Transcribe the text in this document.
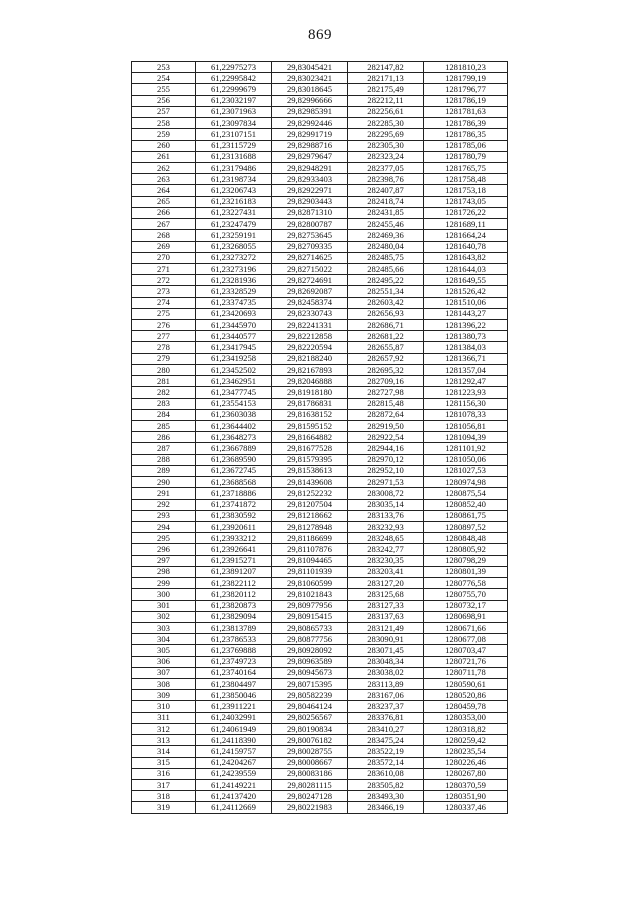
869
253	61,22975273	29,83045421	282147,82	1281810,23
254	61,22995842	29,83023421	282171,13	1281799,19
255	61,22999679	29,83018645	282175,49	1281796,77
256	61,23032197	29,82996666	282212,11	1281786,19
257	61,23071963	29,82985391	282256,61	1281781,63
258	61,23097834	29,82992446	282285,30	1281786,39
259	61,23107151	29,82991719	282295,69	1281786,35
260	61,23115729	29,82988716	282305,30	1281785,06
261	61,23131688	29,82979647	282323,24	1281780,79
262	61,23179486	29,82948291	282377,05	1281765,75
263	61,23198734	29,82933403	282398,76	1281758,48
264	61,23206743	29,82922971	282407,87	1281753,18
265	61,23216183	29,82903443	282418,74	1281743,05
266	61,23227431	29,82871310	282431,85	1281726,22
267	61,23247479	29,82800787	282455,46	1281689,11
268	61,23259191	29,82753645	282469,36	1281664,24
269	61,23268055	29,82709335	282480,04	1281640,78
270	61,23273272	29,82714625	282485,75	1281643,82
271	61,23273196	29,82715022	282485,66	1281644,03
272	61,23281936	29,82724691	282495,22	1281649,55
273	61,23328529	29,82692087	282551,34	1281526,42
274	61,23374735	29,82458374	282603,42	1281510,06
275	61,23420693	29,82330743	282656,93	1281443,27
276	61,23445970	29,82241331	282686,71	1281396,22
277	61,23440577	29,82212858	282681,22	1281380,73
278	61,23417945	29,82220594	282655,87	1281384,03
279	61,23419258	29,82188240	282657,92	1281366,71
280	61,23452502	29,82167893	282695,32	1281357,04
281	61,23462951	29,82046888	282709,16	1281292,47
282	61,23477745	29,81918180	282727,98	1281223,93
283	61,23554153	29,81786831	282815,48	1281156,30
284	61,23603038	29,81638152	282872,64	1281078,33
285	61,23644402	29,81595152	282919,50	1281056,81
286	61,23648273	29,81664882	282922,54	1281094,39
287	61,23667889	29,81677528	282944,16	1281101,92
288	61,23689590	29,81579395	282970,12	1281050,06
289	61,23672745	29,81538613	282952,10	1281027,53
290	61,23688568	29,81439608	282971,53	1280974,98
291	61,23718886	29,81252232	283008,72	1280875,54
292	61,23741872	29,81207504	283035,14	1280852,40
293	61,23830592	29,81218662	283133,76	1280861,75
294	61,23920611	29,81278948	283232,93	1280897,52
295	61,23933212	29,81186699	283248,65	1280848,48
296	61,23926641	29,81107876	283242,77	1280805,92
297	61,23915271	29,81094465	283230,35	1280798,29
298	61,23891207	29,81101939	283203,41	1280801,39
299	61,23822112	29,81060599	283127,20	1280776,58
300	61,23820112	29,81021843	283125,68	1280755,70
301	61,23820873	29,80977956	283127,33	1280732,17
302	61,23829094	29,80915415	283137,63	1280698,91
303	61,23813789	29,80865733	283121,49	1280671,66
304	61,23786533	29,80877756	283090,91	1280677,08
305	61,23769888	29,80928092	283071,45	1280703,47
306	61,23749723	29,80963589	283048,34	1280721,76
307	61,23740164	29,80945673	283038,02	1280711,78
308	61,23804497	29,80715395	283113,89	1280590,61
309	61,23850046	29,80582239	283167,06	1280520,86
310	61,23911221	29,80464124	283237,37	1280459,78
311	61,24032991	29,80256567	283376,81	1280353,00
312	61,24061949	29,80190834	283410,27	1280318,82
313	61,24118390	29,80076182	283475,24	1280259,42
314	61,24159757	29,80028755	283522,19	1280235,54
315	61,24204267	29,80008667	283572,14	1280226,46
316	61,24239559	29,80083186	283610,08	1280267,80
317	61,24149221	29,80281115	283505,82	1280370,59
318	61,24137420	29,80247128	283493,30	1280351,90
319	61,24112669	29,80221983	283466,19	1280337,46
